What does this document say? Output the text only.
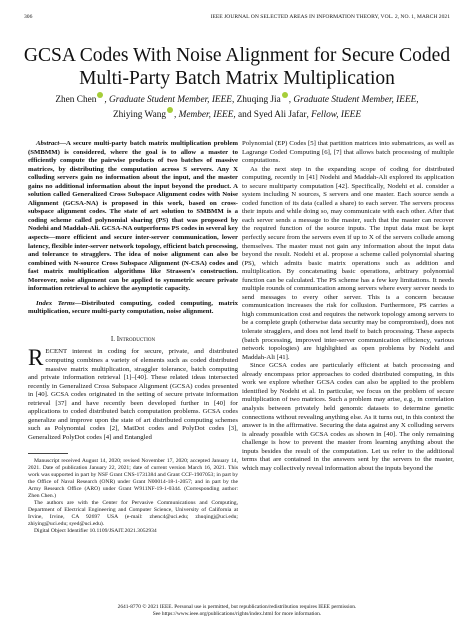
306	IEEE JOURNAL ON SELECTED AREAS IN INFORMATION THEORY, VOL. 2, NO. 1, MARCH 2021
GCSA Codes With Noise Alignment for Secure Coded Multi-Party Batch Matrix Multiplication
Zhen Chen , Graduate Student Member, IEEE, Zhuqing Jia , Graduate Student Member, IEEE,
Zhiying Wang , Member, IEEE, and Syed Ali Jafar, Fellow, IEEE

Abstract—A secure multi-party batch matrix multiplication problem (SMBMM) is considered, where the goal is to allow a master to efficiently compute the pairwise products of two batches of massive matrices, by distributing the computation across S servers. Any X colluding servers gain no information about the input, and the master gains no additional information about the input beyond the product. A solution called Generalized Cross Subspace Alignment codes with Noise Alignment (GCSA-NA) is proposed in this work, based on cross-subspace alignment codes. The state of art solution to SMBMM is a coding scheme called polynomial sharing (PS) that was proposed by Nodehi and Maddah-Ali. GCSA-NA outperforms PS codes in several key aspects—more efficient and secure inter-server communication, lower latency, flexible inter-server network topology, efficient batch processing, and tolerance to stragglers. The idea of noise alignment can also be combined with N-source Cross Subspace Alignment (N-CSA) codes and fast matrix multiplication algorithms like Strassen's construction. Moreover, noise alignment can be applied to symmetric secure private information retrieval to achieve the asymptotic capacity.

Index Terms—Distributed computing, coded computing, matrix multiplication, secure multi-party computation, noise alignment.

I. Introduction

RECENT interest in coding for secure, private, and distributed computing combines a variety of elements such as coded distributed massive matrix multiplication, straggler tolerance, batch computing and private information retrieval [1]–[40]. These related ideas intersected recently in Generalized Cross Subspace Alignment (GCSA) codes presented in [40]. GCSA codes originated in the setting of secure private information retrieval [37] and have recently been developed further in [40] for applications to coded distributed batch computation problems. GCSA codes generalize and improve upon the state of art distributed computing schemes such as Polynomial codes [2], MatDot codes and PolyDot codes [3], Generalized PolyDot codes [4] and Entangled

Manuscript received August 14, 2020; revised November 17, 2020; accepted January 14, 2021. Date of publication January 22, 2021; date of current version March 16, 2021. This work was supported in part by NSF Grant CNS-1731384 and Grant CCF-1907053; in part by the Office of Naval Research (ONR) under Grant N00014-18-1-2057; and in part by the Army Research Office (ARO) under Grant W911NF-19-1-0344. (Corresponding author: Zhen Chen.)

The authors are with the Center for Pervasive Communications and Computing, Department of Electrical Engineering and Computer Science, University of California at Irvine, Irvine, CA 92697 USA (e-mail: zhenc4@uci.edu; zhuqingj@uci.edu; zhiying@uci.edu; syed@uci.edu).

Digital Object Identifier 10.1109/JSAIT.2021.3052934

Polynomial (EP) Codes [5] that partition matrices into submatrices, as well as Lagrange Coded Computing [6], [7] that allows batch processing of multiple computations.

As the next step in the expanding scope of coding for distributed computing, recently in [41] Nodehi and Maddah-Ali explored its application to secure multiparty computation [42]. Specifically, Nodehi et al. consider a system including N sources, S servers and one master. Each source sends a coded function of its data (called a share) to each server. The servers process their inputs and while doing so, may communicate with each other. After that each server sends a message to the master, such that the master can recover the required function of the source inputs. The input data must be kept perfectly secure from the servers even if up to X of the servers collude among themselves. The master must not gain any information about the input data beyond the result. Nodehi et al. propose a scheme called polynomial sharing (PS), which admits basic matrix operations such as addition and multiplication. By concatenating basic operations, arbitrary polynomial function can be calculated. The PS scheme has a few key limitations. It needs multiple rounds of communication among servers where every server needs to send messages to every other server. This is a concern because communication increases the risk for collusion. Furthermore, PS carries a high communication cost and requires the network topology among servers to be a complete graph (otherwise data security may be compromised), does not tolerate stragglers, and does not lend itself to batch processing. These aspects (batch processing, improved inter-server communication efficiency, various network topologies) are highlighted as open problems by Nodehi and Maddah-Ali [41].

Since GCSA codes are particularly efficient at batch processing and already encompass prior approaches to coded distributed computing, in this work we explore whether GCSA codes can also be applied to the problem identified by Nodehi et al. In particular, we focus on the problem of secure multiplication of two matrices. Such a problem may arise, e.g., in correlation analysis between privately held genomic datasets to determine genetic connections without revealing anything else. As it turns out, in this context the answer is in the affirmative. Securing the data against any X colluding servers is already possible with GCSA codes as shown in [40]. The only remaining challenge is how to prevent the master from learning anything about the inputs besides the result of the computation. Let us refer to the additional terms that are contained in the answers sent by the servers to the master, which may collectively reveal information about the inputs beyond the

2641-8770 © 2021 IEEE. Personal use is permitted, but republication/redistribution requires IEEE permission.
See https://www.ieee.org/publications/rights/index.html for more information.
